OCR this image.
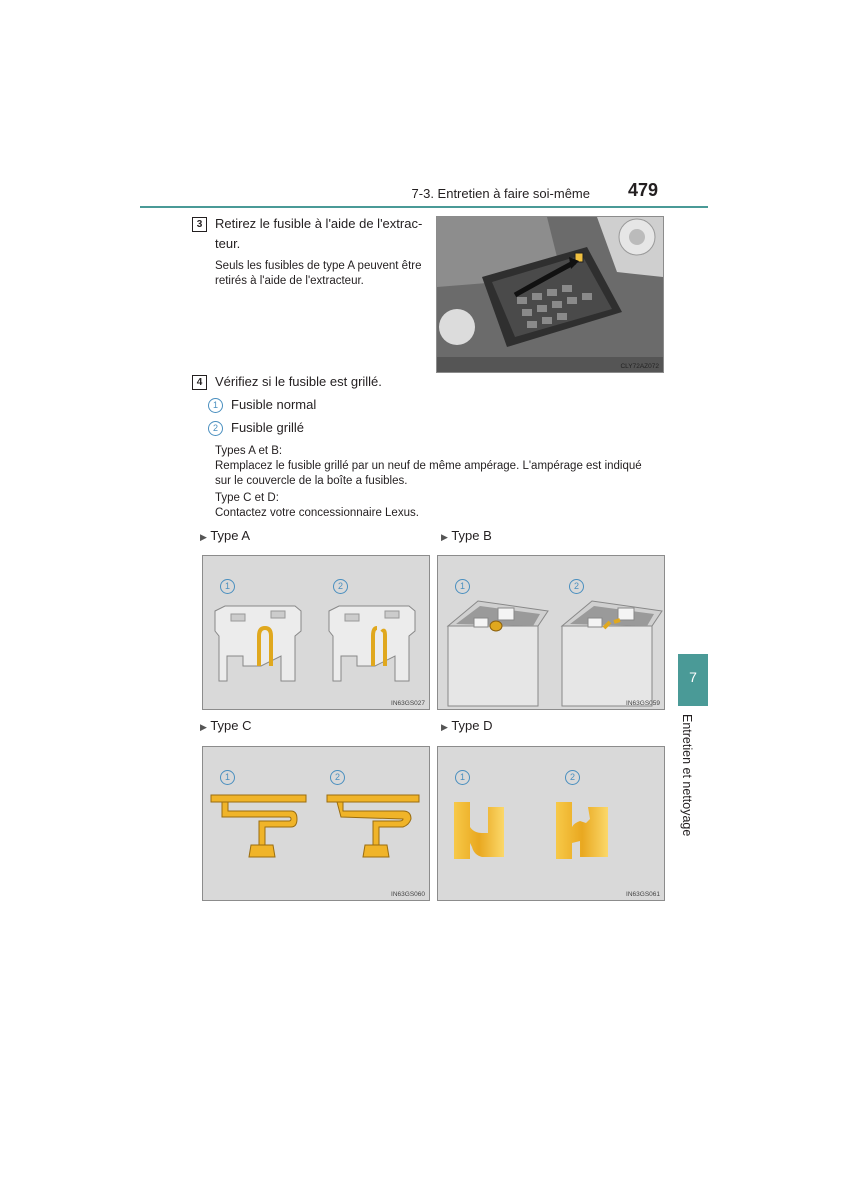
7-3. Entretien à faire soi-même 479
7
Entretien et nettoyage
3 Retirez le fusible à l'aide de l'extrac-
teur.
Seuls les fusibles de type A peuvent être
retirés à l'aide de l'extracteur.
CLY72AZ072
4 Vérifiez si le fusible est grillé.
1	Fusible normal
2	Fusible grillé
Types A et B:
Remplacez le fusible grillé par un neuf de même ampérage. L'ampérage est indiqué
sur le couvercle de la boîte a fusibles.
Type C et D:
Contactez votre concessionnaire Lexus.
▶ Type A	▶ Type B
▶ Type C	▶ Type D
1	2
IN63GS027
1	2
IN63GS059
1	2
IN63GS060
1	2
IN63GS061
